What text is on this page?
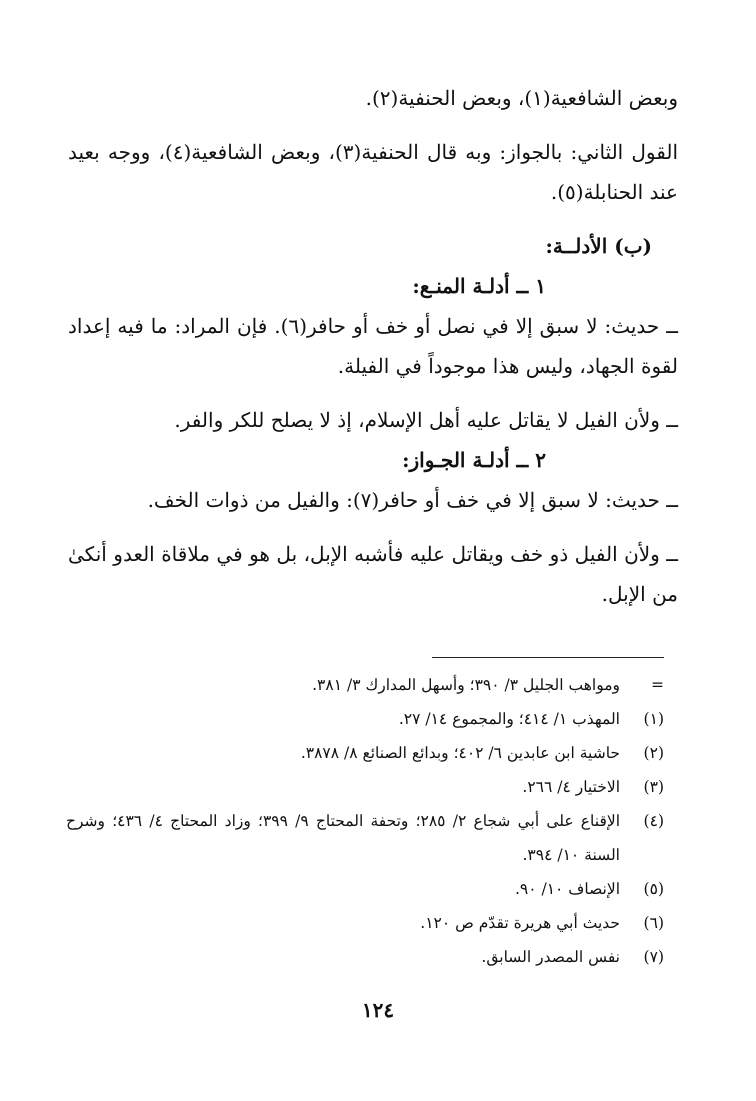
وبعض الشافعية(١)، وبعض الحنفية(٢).

القول الثاني: بالجواز: وبه قال الحنفية(٣)، وبعض الشافعية(٤)، ووجه بعيد عند الحنابلة(٥).

(ب) الأدلــة:

١ ــ أدلـة المنـع:

ــ حديث: لا سبق إلا في نصل أو خف أو حافر(٦). فإن المراد: ما فيه إعداد لقوة الجهاد، وليس هذا موجوداً في الفيلة.

ــ ولأن الفيل لا يقاتل عليه أهل الإسلام، إذ لا يصلح للكر والفر.

٢ ــ أدلـة الجـواز:

ــ حديث: لا سبق إلا في خف أو حافر(٧): والفيل من ذوات الخف.

ــ ولأن الفيل ذو خف ويقاتل عليه فأشبه الإبل، بل هو في ملاقاة العدو أنكىٰ من الإبل.

=
ومواهب الجليل ٣/ ٣٩٠؛ وأسهل المدارك ٣/ ٣٨١.
(١)
المهذب ١/ ٤١٤؛ والمجموع ١٤/ ٢٧.
(٢)
حاشية ابن عابدين ٦/ ٤٠٢؛ وبدائع الصنائع ٨/ ٣٨٧٨.
(٣)
الاختيار ٤/ ٢٦٦.
(٤)
الإقناع على أبي شجاع ٢/ ٢٨٥؛ وتحفة المحتاج ٩/ ٣٩٩؛ وزاد المحتاج ٤/ ٤٣٦؛ وشرح السنة ١٠/ ٣٩٤.
(٥)
الإنصاف ١٠/ ٩٠.
(٦)
حديث أبي هريرة تقدّم ص ١٢٠.
(٧)
نفس المصدر السابق.
١٢٤
